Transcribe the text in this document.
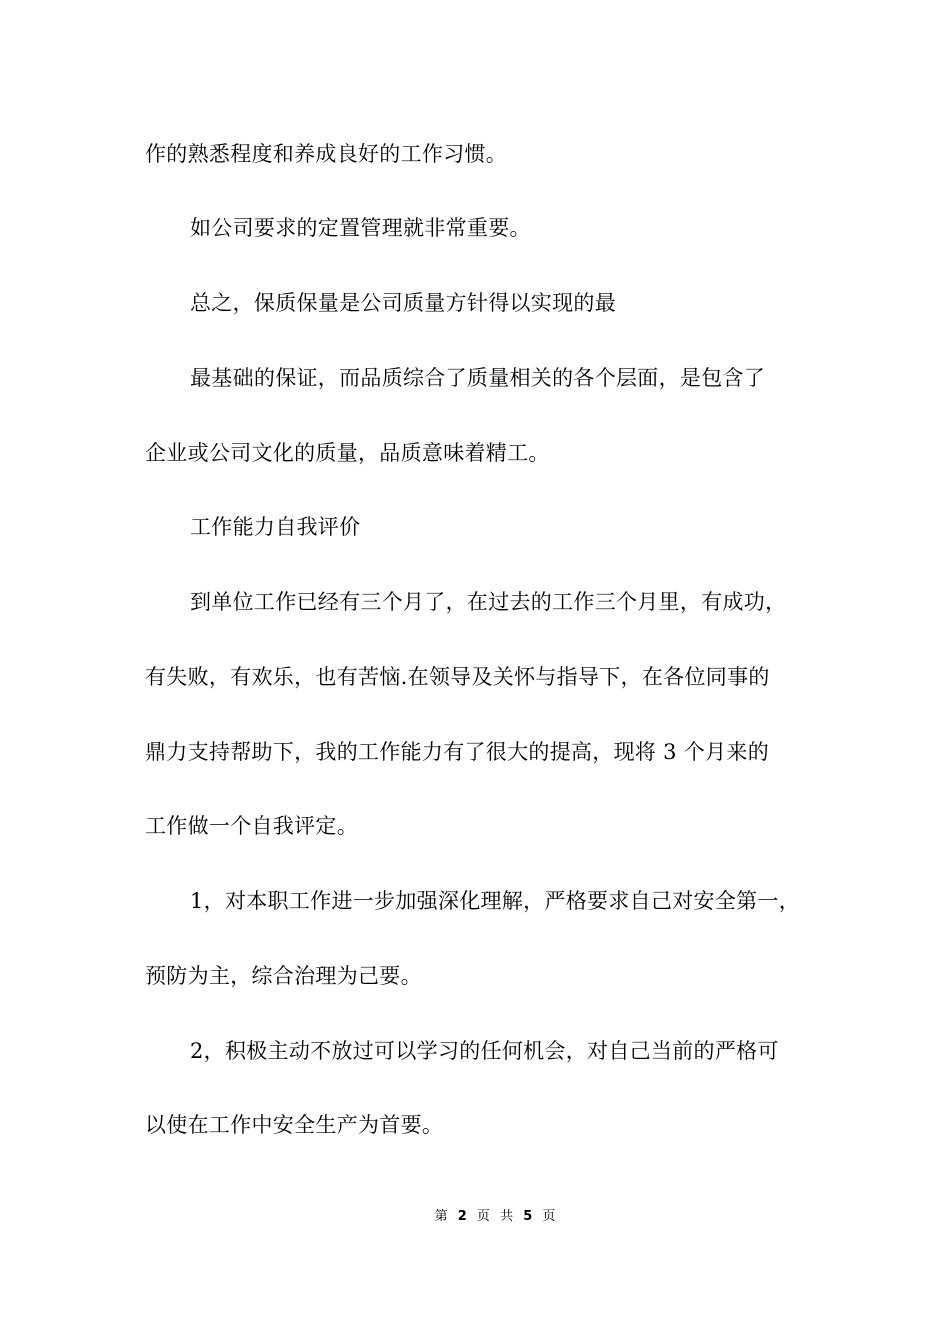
作的熟悉程度和养成良好的工作习惯。
如公司要求的定置管理就非常重要。
总之，保质保量是公司质量方针得以实现的最
最基础的保证，而品质综合了质量相关的各个层面，是包含了
企业或公司文化的质量，品质意味着精工。
工作能力自我评价
到单位工作已经有三个月了，在过去的工作三个月里，有成功，
有失败，有欢乐，也有苦恼.在领导及关怀与指导下，在各位同事的
鼎力支持帮助下，我的工作能力有了很大的提高，现将 3 个月来的
工作做一个自我评定。
1，对本职工作进一步加强深化理解，严格要求自己对安全第一，
预防为主，综合治理为己要。
2，积极主动不放过可以学习的任何机会，对自己当前的严格可
以使在工作中安全生产为首要。
第 2 页 共 5 页
